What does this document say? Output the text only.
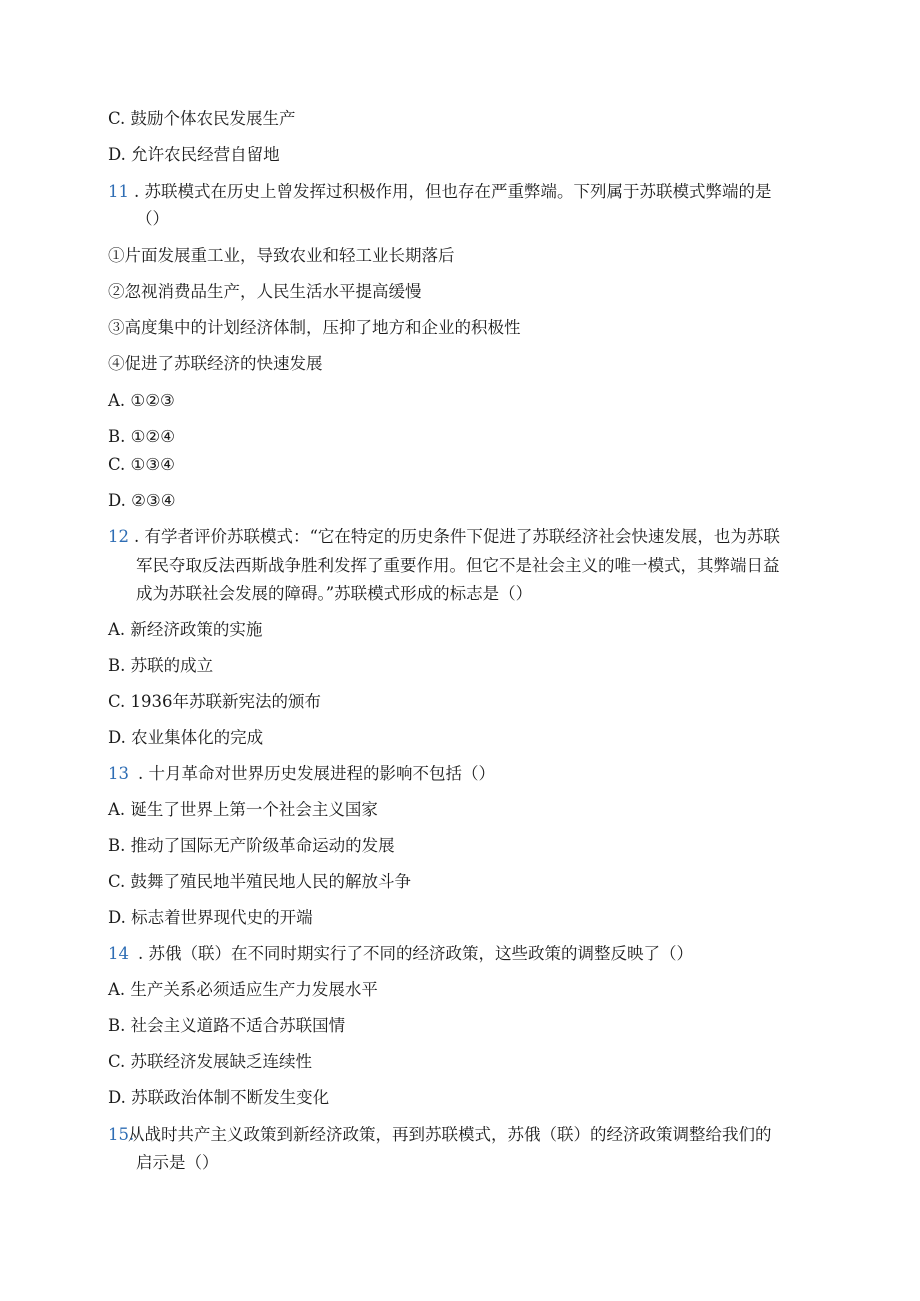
C. 鼓励个体农民发展生产
D. 允许农民经营自留地
11 . 苏联模式在历史上曾发挥过积极作用，但也存在严重弊端。下列属于苏联模式弊端的是
（）
①片面发展重工业，导致农业和轻工业长期落后
②忽视消费品生产，人民生活水平提高缓慢
③高度集中的计划经济体制，压抑了地方和企业的积极性
④促进了苏联经济的快速发展
A. ①②③
B. ①②④
C. ①③④
D. ②③④
12 . 有学者评价苏联模式：“它在特定的历史条件下促进了苏联经济社会快速发展，也为苏联
军民夺取反法西斯战争胜利发挥了重要作用。但它不是社会主义的唯一模式，其弊端日益
成为苏联社会发展的障碍。”苏联模式形成的标志是（）
A. 新经济政策的实施
B. 苏联的成立
C. 1936年苏联新宪法的颁布
D. 农业集体化的完成
13 . 十月革命对世界历史发展进程的影响不包括（）
A. 诞生了世界上第一个社会主义国家
B. 推动了国际无产阶级革命运动的发展
C. 鼓舞了殖民地半殖民地人民的解放斗争
D. 标志着世界现代史的开端
14 . 苏俄（联）在不同时期实行了不同的经济政策，这些政策的调整反映了（）
A. 生产关系必须适应生产力发展水平
B. 社会主义道路不适合苏联国情
C. 苏联经济发展缺乏连续性
D. 苏联政治体制不断发生变化
15.从战时共产主义政策到新经济政策，再到苏联模式，苏俄（联）的经济政策调整给我们的
启示是（）
